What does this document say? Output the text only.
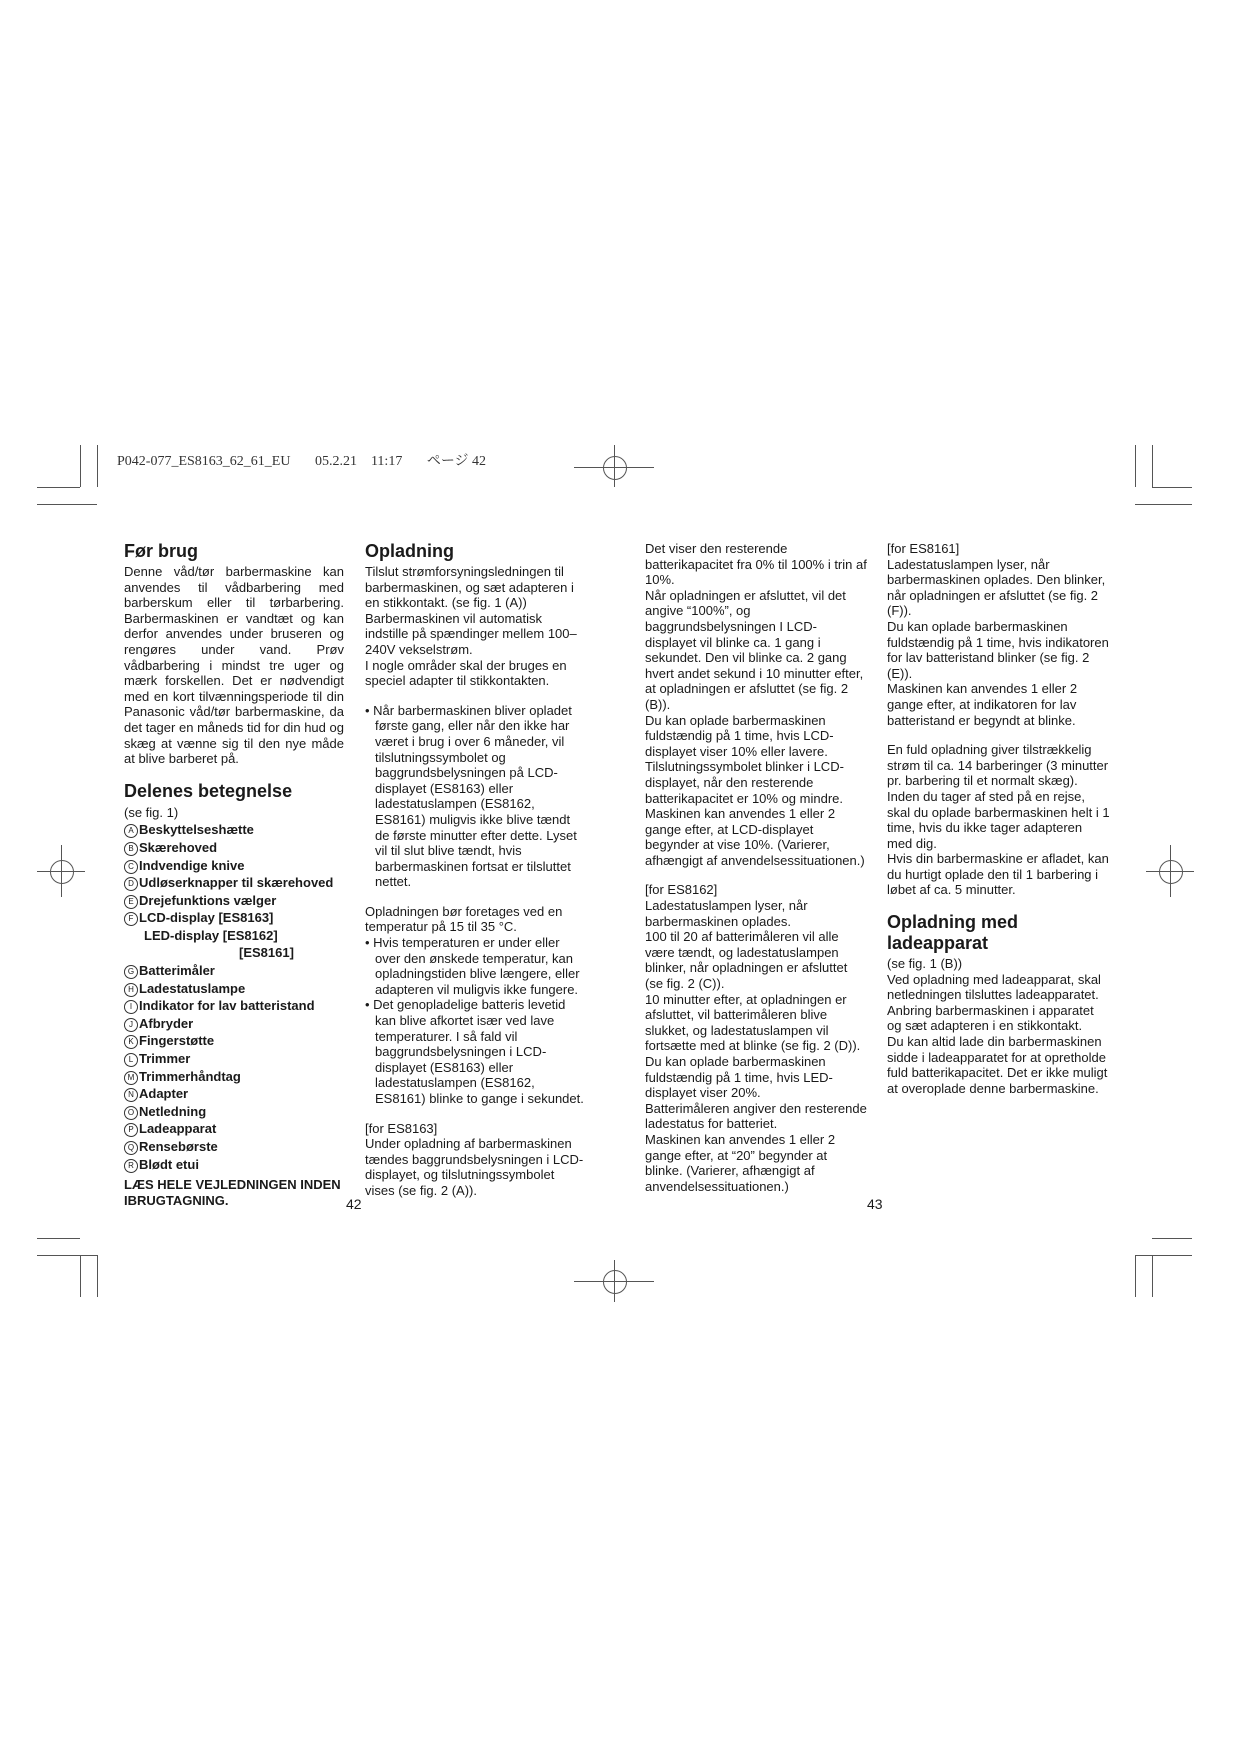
P042-077_ES8163_62_61_EU       05.2.21    11:17       ページ 42
Før brug

Denne våd/tør barbermaskine kan anvendes til vådbarbering med barberskum eller til tørbarbering. Barbermaskinen er vandtæt og kan derfor anvendes under bruseren og rengøres under vand. Prøv vådbarbering i mindst tre uger og mærk forskellen. Det er nødvendigt med en kort tilvænningsperiode til din Panasonic våd/tør barbermaskine, da det tager en måneds tid for din hud og skæg at vænne sig til den nye måde at blive barberet på.

Delenes betegnelse
(se fig. 1)
A Beskyttelseshætte
B Skærehoved
C Indvendige knive
D Udløserknapper til skærehoved
E Drejefunktions vælger
F LCD-display [ES8163]
LED-display [ES8162]
[ES8161]
G Batterimåler
H Ladestatuslampe
I Indikator for lav batteristand
J Afbryder
K Fingerstøtte
L Trimmer
M Trimmerhåndtag
N Adapter
O Netledning
P Ladeapparat
Q Rensebørste
R Blødt etui

LÆS HELE VEJLEDNINGEN INDEN IBRUGTAGNING.

Opladning

Tilslut strømforsyningsledningen til barbermaskinen, og sæt adapteren i en stikkontakt. (se fig. 1 (A))

Barbermaskinen vil automatisk indstille på spændinger mellem 100–240V vekselstrøm.

I nogle områder skal der bruges en speciel adapter til stikkontakten.

• Når barbermaskinen bliver opladet første gang, eller når den ikke har været i brug i over 6 måneder, vil tilslutningssymbolet og baggrundsbelysningen på LCD-displayet (ES8163) eller ladestatuslampen (ES8162, ES8161) muligvis ikke blive tændt de første minutter efter dette. Lyset vil til slut blive tændt, hvis barbermaskinen fortsat er tilsluttet nettet.

Opladningen bør foretages ved en temperatur på 15 til 35 °C.

• Hvis temperaturen er under eller over den ønskede temperatur, kan opladningstiden blive længere, eller adapteren vil muligvis ikke fungere.

• Det genopladelige batteris levetid kan blive afkortet især ved lave temperaturer. I så fald vil baggrundsbelysningen i LCD-displayet (ES8163) eller ladestatuslampen (ES8162, ES8161) blinke to gange i sekundet.

[for ES8163]

Under opladning af barbermaskinen tændes baggrundsbelysningen i LCD-displayet, og tilslutningssymbolet vises (se fig. 2 (A)).

Det viser den resterende batterikapacitet fra 0% til 100% i trin af 10%.

Når opladningen er afsluttet, vil det angive “100%”, og baggrundsbelysningen I LCD-displayet vil blinke ca. 1 gang i sekundet. Den vil blinke ca. 2 gang hvert andet sekund i 10 minutter efter, at opladningen er afsluttet (se fig. 2 (B)).

Du kan oplade barbermaskinen fuldstændig på 1 time, hvis LCD-displayet viser 10% eller lavere.

Tilslutningssymbolet blinker i LCD-displayet, når den resterende batterikapacitet er 10% og mindre.

Maskinen kan anvendes 1 eller 2 gange efter, at LCD-displayet begynder at vise 10%. (Varierer, afhængigt af anvendelsessituationen.)

[for ES8162]

Ladestatuslampen lyser, når barbermaskinen oplades.

100 til 20 af batterimåleren vil alle være tændt, og ladestatuslampen blinker, når opladningen er afsluttet (se fig. 2 (C)).

10 minutter efter, at opladningen er afsluttet, vil batterimåleren blive slukket, og ladestatuslampen vil fortsætte med at blinke (se fig. 2 (D)).

Du kan oplade barbermaskinen fuldstændig på 1 time, hvis LED-displayet viser 20%.

Batterimåleren angiver den resterende ladestatus for batteriet.

Maskinen kan anvendes 1 eller 2 gange efter, at “20” begynder at blinke. (Varierer, afhængigt af anvendelsessituationen.)

[for ES8161]

Ladestatuslampen lyser, når barbermaskinen oplades. Den blinker, når opladningen er afsluttet (se fig. 2 (F)).

Du kan oplade barbermaskinen fuldstændig på 1 time, hvis indikatoren for lav batteristand blinker (se fig. 2 (E)).

Maskinen kan anvendes 1 eller 2 gange efter, at indikatoren for lav batteristand er begyndt at blinke.

En fuld opladning giver tilstrækkelig strøm til ca. 14 barberinger (3 minutter pr. barbering til et normalt skæg).

Inden du tager af sted på en rejse, skal du oplade barbermaskinen helt i 1 time, hvis du ikke tager adapteren med dig.

Hvis din barbermaskine er afladet, kan du hurtigt oplade den til 1 barbering i løbet af ca. 5 minutter.

Opladning med ladeapparat

(se fig. 1 (B))

Ved opladning med ladeapparat, skal netledningen tilsluttes ladeapparatet. Anbring barbermaskinen i apparatet og sæt adapteren i en stikkontakt.

Du kan altid lade din barbermaskinen sidde i ladeapparatet for at opretholde fuld batterikapacitet. Det er ikke muligt at overoplade denne barbermaskine.

42	43
